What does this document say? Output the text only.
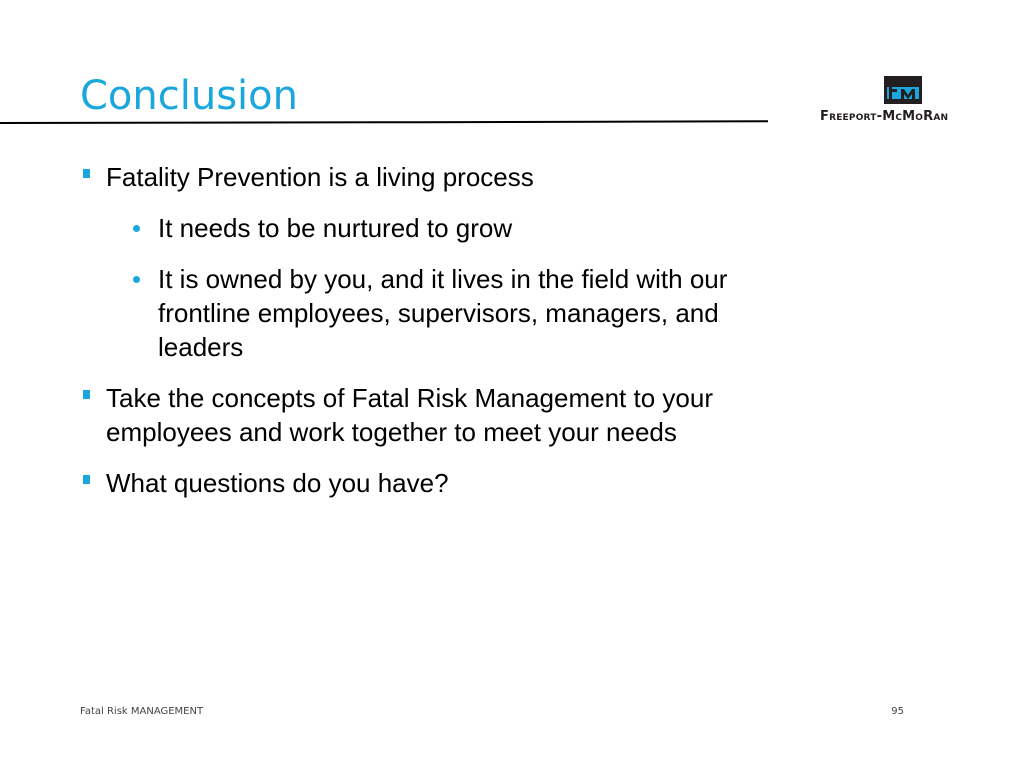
Conclusion	Freeport-McMoRan

Fatality Prevention is a living process

It needs to be nurtured to grow

It is owned by you, and it lives in the field with our frontline employees, supervisors, managers, and leaders

Take the concepts of Fatal Risk Management to your employees and work together to meet your needs

What questions do you have?

Fatal Risk MANAGEMENT	95
